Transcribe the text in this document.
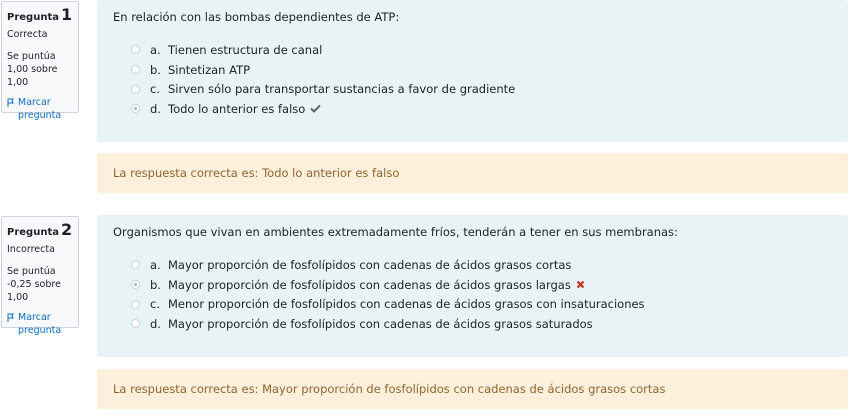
Pregunta 1
Correcta
Se puntúa 1,00 sobre 1,00
Marcar pregunta
En relación con las bombas dependientes de ATP:
a. Tienen estructura de canal
b. Sintetizan ATP
c. Sirven sólo para transportar sustancias a favor de gradiente
d. Todo lo anterior es falso
La respuesta correcta es: Todo lo anterior es falso
Pregunta 2
Incorrecta
Se puntúa -0,25 sobre 1,00
Marcar pregunta
Organismos que vivan en ambientes extremadamente fríos, tenderán a tener en sus membranas:
a. Mayor proporción de fosfolípidos con cadenas de ácidos grasos cortas
b. Mayor proporción de fosfolípidos con cadenas de ácidos grasos largas
c. Menor proporción de fosfolípidos con cadenas de ácidos grasos con insaturaciones
d. Mayor proporción de fosfolípidos con cadenas de ácidos grasos saturados
La respuesta correcta es: Mayor proporción de fosfolípidos con cadenas de ácidos grasos cortas
